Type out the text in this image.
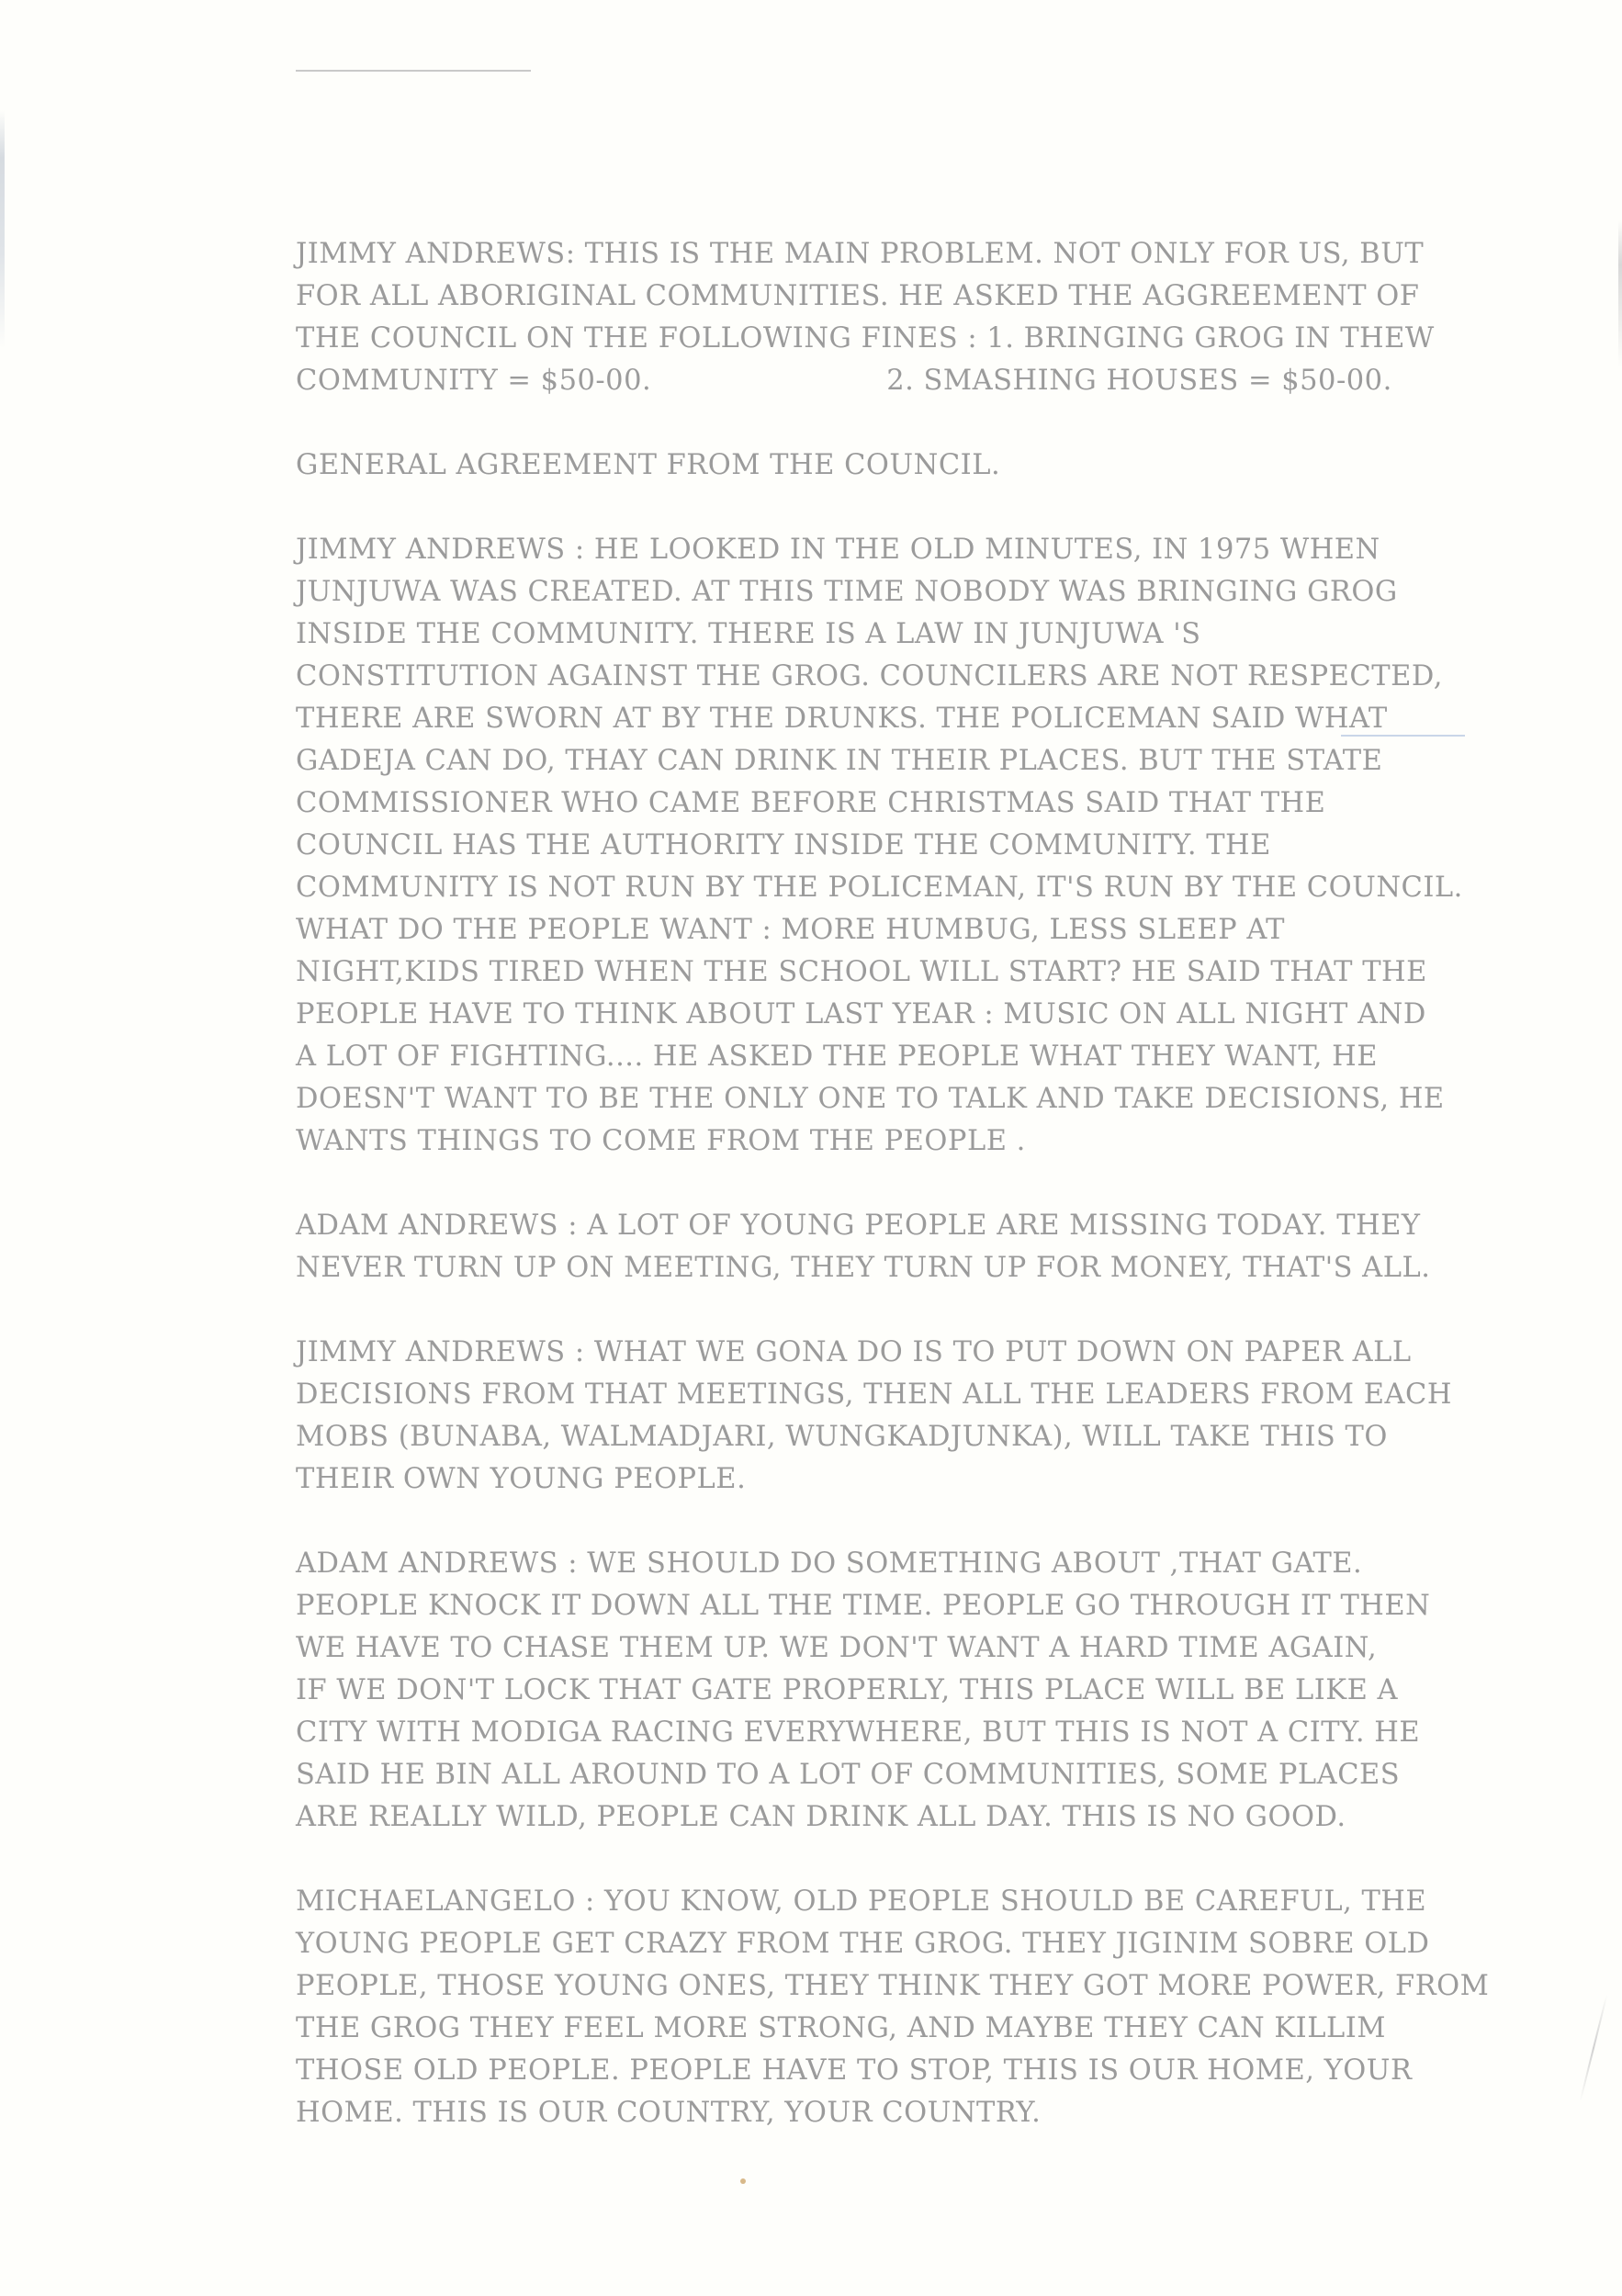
JIMMY ANDREWS: THIS IS THE MAIN PROBLEM. NOT ONLY FOR US, BUT
FOR ALL ABORIGINAL COMMUNITIES. HE ASKED THE AGGREEMENT OF
THE COUNCIL ON THE FOLLOWING FINES : 1. BRINGING GROG IN THEW
COMMUNITY = $50-00.	2. SMASHING HOUSES = $50-00.
GENERAL AGREEMENT FROM THE COUNCIL.
JIMMY ANDREWS : HE LOOKED IN THE OLD MINUTES, IN 1975 WHEN
JUNJUWA WAS CREATED. AT THIS TIME NOBODY WAS BRINGING GROG
INSIDE THE COMMUNITY. THERE IS A LAW IN JUNJUWA 'S
CONSTITUTION AGAINST THE GROG. COUNCILERS ARE NOT RESPECTED,
THERE ARE SWORN AT BY THE DRUNKS. THE POLICEMAN SAID WHAT
GADEJA CAN DO, THAY CAN DRINK IN THEIR PLACES. BUT THE STATE
COMMISSIONER WHO CAME BEFORE CHRISTMAS SAID THAT THE
COUNCIL HAS THE AUTHORITY INSIDE THE COMMUNITY. THE
COMMUNITY IS NOT RUN BY THE POLICEMAN, IT'S RUN BY THE COUNCIL.
WHAT DO THE PEOPLE WANT : MORE HUMBUG, LESS SLEEP AT
NIGHT,KIDS TIRED WHEN THE SCHOOL WILL START? HE SAID THAT THE
PEOPLE HAVE TO THINK ABOUT LAST YEAR : MUSIC ON ALL NIGHT AND
A LOT OF FIGHTING.... HE ASKED THE PEOPLE WHAT THEY WANT, HE
DOESN'T WANT TO BE THE ONLY ONE TO TALK AND TAKE DECISIONS, HE
WANTS THINGS TO COME FROM THE PEOPLE .
ADAM ANDREWS : A LOT OF YOUNG PEOPLE ARE MISSING TODAY. THEY
NEVER TURN UP ON MEETING, THEY TURN UP FOR MONEY, THAT'S ALL.
JIMMY ANDREWS : WHAT WE GONA DO IS TO PUT DOWN ON PAPER ALL
DECISIONS FROM THAT MEETINGS, THEN ALL THE LEADERS FROM EACH
MOBS (BUNABA, WALMADJARI, WUNGKADJUNKA), WILL TAKE THIS TO
THEIR OWN YOUNG PEOPLE.
ADAM ANDREWS : WE SHOULD DO SOMETHING ABOUT ,THAT GATE.
PEOPLE KNOCK IT DOWN ALL THE TIME. PEOPLE GO THROUGH IT THEN
WE HAVE TO CHASE THEM UP. WE DON'T WANT A HARD TIME AGAIN,
IF WE DON'T LOCK THAT GATE PROPERLY, THIS PLACE WILL BE LIKE A
CITY WITH MODIGA RACING EVERYWHERE, BUT THIS IS NOT A CITY. HE
SAID HE BIN ALL AROUND TO A LOT OF COMMUNITIES, SOME PLACES
ARE REALLY WILD, PEOPLE CAN DRINK ALL DAY. THIS IS NO GOOD.
MICHAELANGELO : YOU KNOW, OLD PEOPLE SHOULD BE CAREFUL, THE
YOUNG PEOPLE GET CRAZY FROM THE GROG. THEY JIGINIM SOBRE OLD
PEOPLE, THOSE YOUNG ONES, THEY THINK THEY GOT MORE POWER, FROM
THE GROG THEY FEEL MORE STRONG, AND MAYBE THEY CAN KILLIM
THOSE OLD PEOPLE. PEOPLE HAVE TO STOP, THIS IS OUR HOME, YOUR
HOME. THIS IS OUR COUNTRY, YOUR COUNTRY.
